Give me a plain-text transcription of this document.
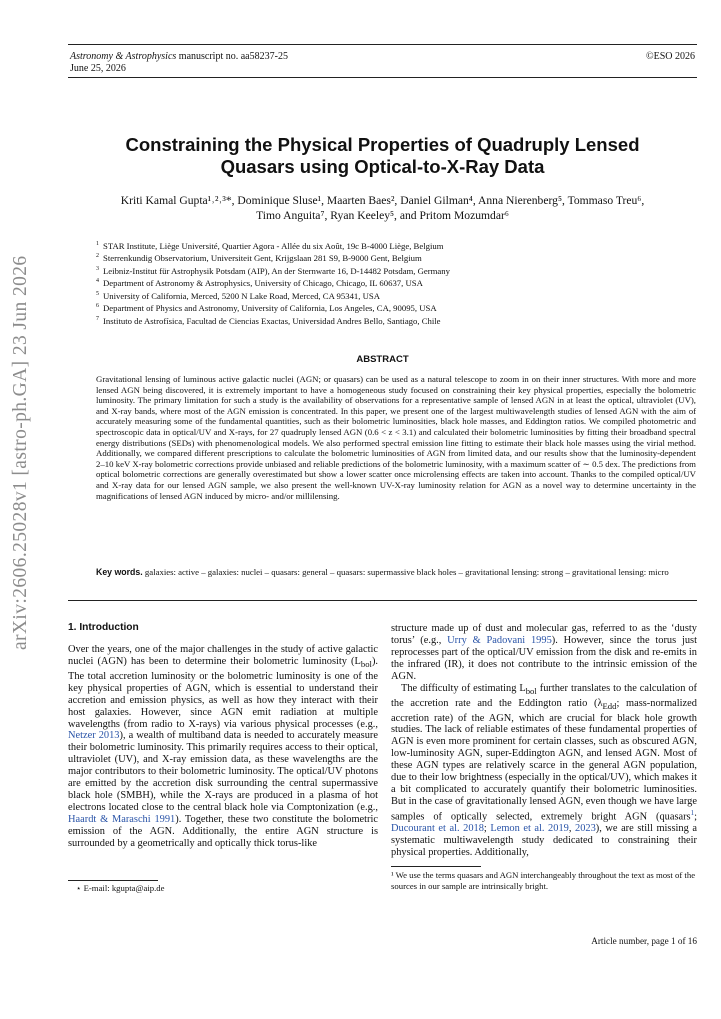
arXiv:2606.25028v1 [astro-ph.GA] 23 Jun 2026
Astronomy & Astrophysics manuscript no. aa58237-25
June 25, 2026
©ESO 2026
Constraining the Physical Properties of Quadruply Lensed
Quasars using Optical-to-X-Ray Data
Kriti Kamal Gupta¹˒²˒³*, Dominique Sluse¹, Maarten Baes², Daniel Gilman⁴, Anna Nierenberg⁵, Tommaso Treu⁶,
Timo Anguita⁷, Ryan Keeley⁵, and Pritom Mozumdar⁶
$^1$ STAR Institute, Liège Université, Quartier Agora - Allée du six Août, 19c B-4000 Liège, Belgium
$^2$ Sterrenkundig Observatorium, Universiteit Gent, Krijgslaan 281 S9, B-9000 Gent, Belgium
$^3$ Leibniz-Institut für Astrophysik Potsdam (AIP), An der Sternwarte 16, D-14482 Potsdam, Germany
$^4$ Department of Astronomy & Astrophysics, University of Chicago, Chicago, IL 60637, USA
$^5$ University of California, Merced, 5200 N Lake Road, Merced, CA 95341, USA
$^6$ Department of Physics and Astronomy, University of California, Los Angeles, CA, 90095, USA
$^7$ Instituto de Astrofísica, Facultad de Ciencias Exactas, Universidad Andres Bello, Santiago, Chile
ABSTRACT
Gravitational lensing of luminous active galactic nuclei (AGN; or quasars) can be used as a natural telescope to zoom in on their inner structures. With more and more lensed AGN being discovered, it is extremely important to have a homogeneous study focused on constraining their key physical properties, especially the bolometric luminosity. The primary limitation for such a study is the availability of observations for a representative sample of lensed AGN in at least the optical, ultraviolet (UV), and X-ray bands, where most of the AGN emission is concentrated. In this paper, we present one of the largest multiwavelength studies of lensed AGN with the aim of accurately measuring some of the fundamental quantities, such as their bolometric luminosities, black hole masses, and Eddington ratios. We compiled photometric and spectroscopic data in optical/UV and X-rays, for 27 quadruply lensed AGN (0.6 < z < 3.1) and calculated their bolometric luminosities by fitting their broadband spectral energy distributions (SEDs) with phenomenological models. We also performed spectral emission line fitting to estimate their black hole masses using the virial method. Additionally, we compared different prescriptions to calculate the bolometric luminosities of AGN from limited data, and our results show that the luminosity-dependent 2–10 keV X-ray bolometric corrections provide unbiased and reliable predictions of the bolometric luminosity, with a maximum scatter of ∼ 0.5 dex. The predictions from optical bolometric corrections are generally overestimated but show a lower scatter once microlensing effects are taken into account. Thanks to the compiled optical/UV and X-ray data for our lensed AGN sample, we also present the well-known UV-X-ray luminosity relation for AGN as a novel way to determine uncertainty in the magnifications of lensed AGN induced by micro- and/or millilensing.
Key words. galaxies: active – galaxies: nuclei – quasars: general – quasars: supermassive black holes – gravitational lensing: strong – gravitational lensing: micro
1. Introduction

Over the years, one of the major challenges in the study of active galactic nuclei (AGN) has been to determine their bolometric luminosity $(L_{bol})$. The total accretion luminosity or the bolometric luminosity is one of the key physical properties of AGN, which is essential to understand their accretion and emission physics, as well as how they interact with their host galaxies. However, since AGN emit radiation at multiple wavelengths (from radio to X-rays) via various physical processes (e.g., Netzer 2013), a wealth of multiband data is needed to accurately measure their bolometric luminosity. This primarily requires access to their optical, ultraviolet (UV), and X-ray emission data, as these wavelengths are the major contributors to their bolometric luminosity. The optical/UV photons are emitted by the accretion disk surrounding the central supermassive black hole (SMBH), while the X-rays are produced in a plasma of hot electrons located close to the central black hole via Comptonization (e.g., Haardt & Maraschi 1991). Together, these two constitute the bolometric emission of the AGN. Additionally, the entire AGN structure is surrounded by a geometrically and optically thick torus-like

structure made up of dust and molecular gas, referred to as the ‘dusty torus’ (e.g., Urry & Padovani 1995). However, since the torus just reprocesses part of the optical/UV emission from the disk and re-emits in the infrared (IR), it does not contribute to the intrinsic emission of the AGN.

The difficulty of estimating $L_{bol}$ further translates to the calculation of the accretion rate and the Eddington ratio ($\lambda_{Edd}$; mass-normalized accretion rate) of the AGN, which are crucial for black hole growth studies. The lack of reliable estimates of these fundamental properties of AGN is even more prominent for certain classes, such as obscured AGN, low-luminosity AGN, super-Eddington AGN, and lensed AGN. Most of these AGN types are relatively scarce in the general AGN population, due to their low brightness (especially in the optical/UV), which makes it a bit complicated to accurately quantify their bolometric luminosities. But in the case of gravitationally lensed AGN, even though we have large samples of optically selected, extremely bright AGN (quasars$^1$; Ducourant et al. 2018; Lemon et al. 2019, 2023), we are still missing a systematic multiwavelength study dedicated to constraining their physical properties. Additionally,

⋆ E-mail: kgupta@aip.de
¹ We use the terms quasars and AGN interchangeably throughout the text as most of the sources in our sample are intrinsically bright.
Article number, page 1 of 16
